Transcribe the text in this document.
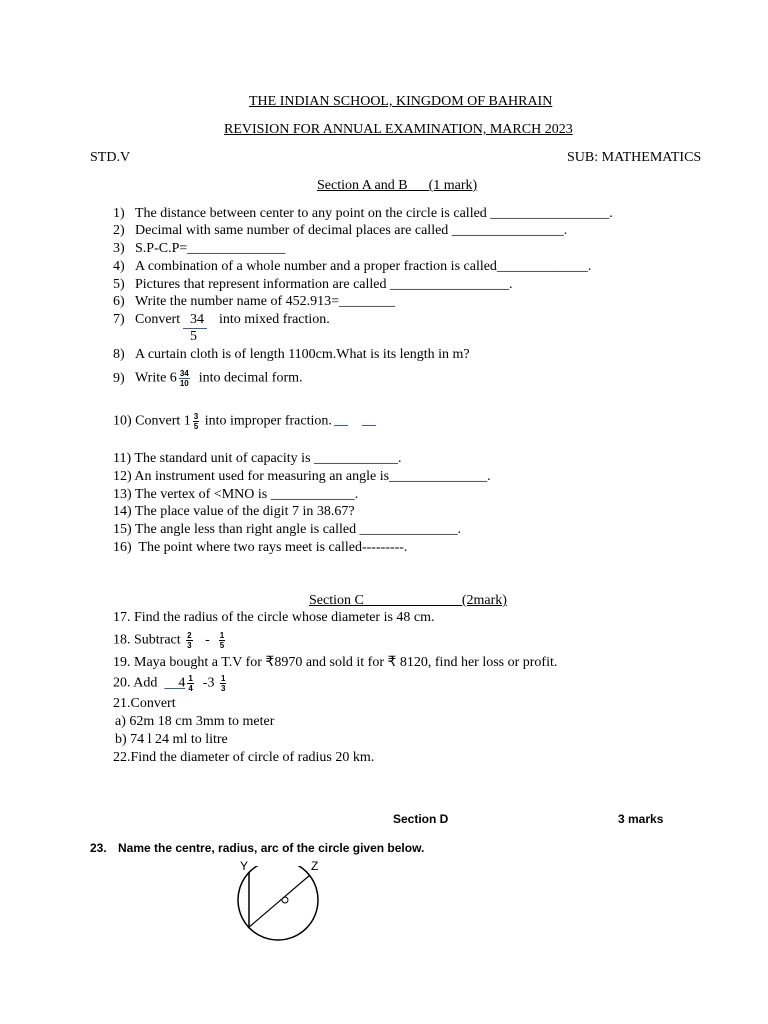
THE INDIAN SCHOOL, KINGDOM OF BAHRAIN
REVISION FOR ANNUAL EXAMINATION, MARCH 2023
STD.V	SUB: MATHEMATICS
Section A and B (1 mark)
1) The distance between center to any point on the circle is called _________________.
2) Decimal with same number of decimal places are called ________________.
3) S.P-C.P=______________
4) A combination of a whole number and a proper fraction is called_____________.
5) Pictures that represent information are called _________________.
6) Write the number name of 452.913=________
7) Convert 34
5
into mixed fraction.
8) A curtain cloth is of length 1100cm.What is its length in m?
9) Write $6 \frac{34}{10}$ into decimal form.
10) Convert $1 \frac{3}{5}$ into improper fraction.
11) The standard unit of capacity is ____________.
12) An instrument used for measuring an angle is______________.
13) The vertex of <MNO is ____________.
14) The place value of the digit 7 in 38.67?
15) The angle less than right angle is called ______________.
16)  The point where two rays meet is called---------.
Section C	(2mark)
17. Find the radius of the circle whose diameter is 48 cm.
18. Subtract $\frac{2}{3} - \frac{1}{5}$
19. Maya bought a T.V for ₹8970 and sold it for ₹ 8120, find her loss or profit.
20. Add $4 \frac{1}{4} -3 \frac{1}{3}$
21.Convert
a) 62m 18 cm 3mm to meter
b) 74 l 24 ml to litre
22.Find the diameter of circle of radius 20 km.
Section D	3 marks
23. Name the centre, radius, arc of the circle given below.
Y	Z
